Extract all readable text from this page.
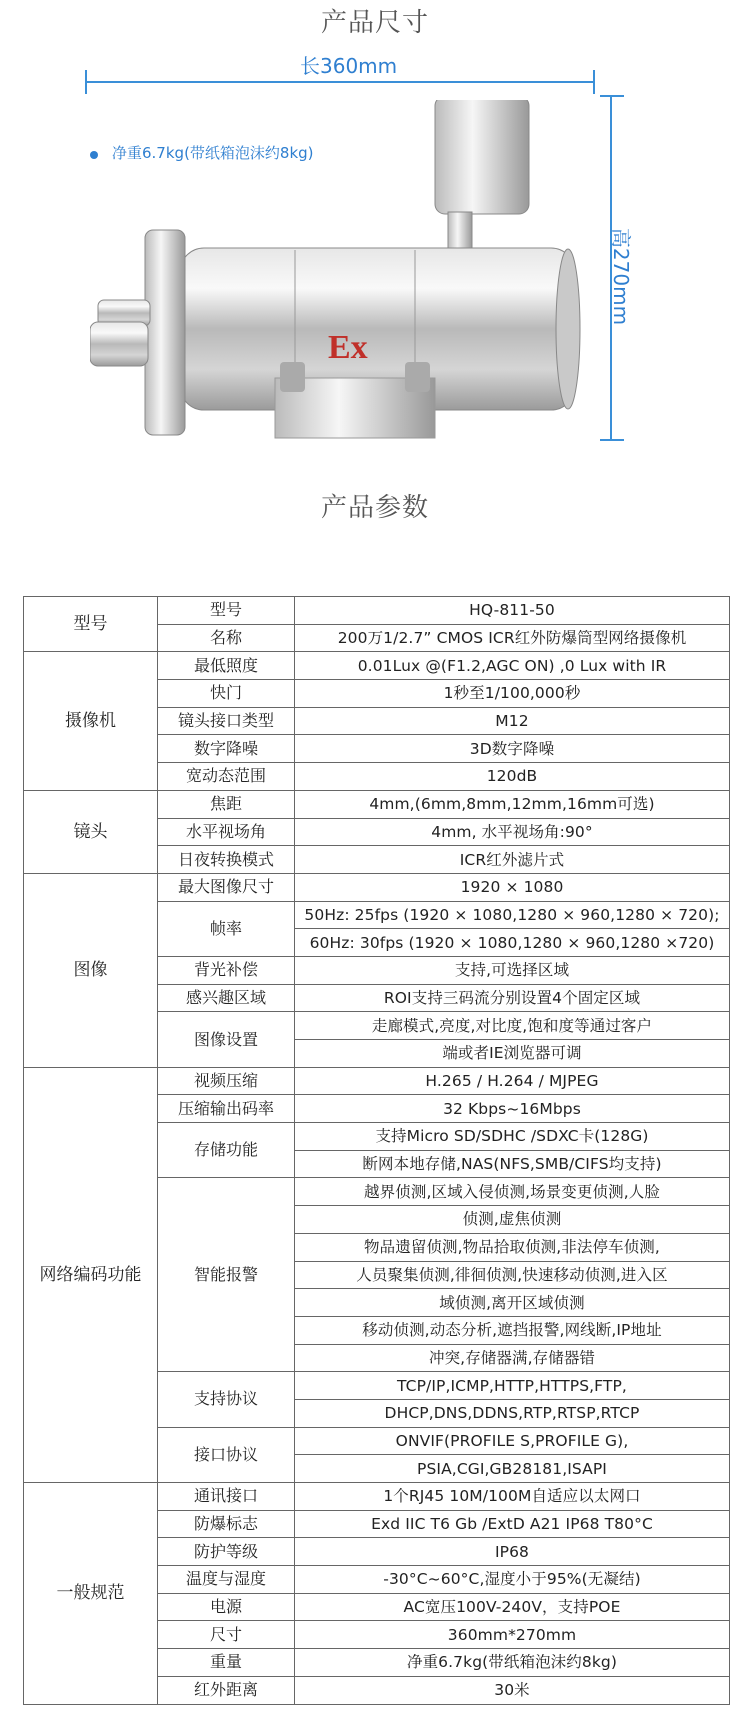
产品尺寸
长360mm
高270mm
净重6.7kg(带纸箱泡沫约8kg)
Ex
产品参数
型号	型号	HQ-811-50
	名称	200万1/2.7” CMOS ICR红外防爆筒型网络摄像机
摄像机	最低照度	0.01Lux @(F1.2,AGC ON) ,0 Lux with IR
	快门	1秒至1/100,000秒
	镜头接口类型	M12
	数字降噪	3D数字降噪
	宽动态范围	120dB
镜头	焦距	4mm,(6mm,8mm,12mm,16mm可选)
	水平视场角	4mm, 水平视场角:90°
	日夜转换模式	ICR红外滤片式
图像	最大图像尺寸	1920 × 1080
	帧率	50Hz: 25fps (1920 × 1080,1280 × 960,1280 × 720);
		60Hz: 30fps (1920 × 1080,1280 × 960,1280 ×720)
	背光补偿	支持,可选择区域
	感兴趣区域	ROI支持三码流分别设置4个固定区域
	图像设置	走廊模式,亮度,对比度,饱和度等通过客户
		端或者IE浏览器可调
网络编码功能	视频压缩	H.265 / H.264 / MJPEG
	压缩输出码率	32 Kbps~16Mbps
	存储功能	支持Micro SD/SDHC /SDXC卡(128G)
		断网本地存储,NAS(NFS,SMB/CIFS均支持)
	智能报警	越界侦测,区域入侵侦测,场景变更侦测,人脸
		侦测,虚焦侦测
		物品遗留侦测,物品拾取侦测,非法停车侦测,
		人员聚集侦测,徘徊侦测,快速移动侦测,进入区
		域侦测,离开区域侦测
		移动侦测,动态分析,遮挡报警,网线断,IP地址
		冲突,存储器满,存储器错
	支持协议	TCP/IP,ICMP,HTTP,HTTPS,FTP,
		DHCP,DNS,DDNS,RTP,RTSP,RTCP
	接口协议	ONVIF(PROFILE S,PROFILE G),
		PSIA,CGI,GB28181,ISAPI
一般规范	通讯接口	1个RJ45 10M/100M自适应以太网口
	防爆标志	Exd IIC T6 Gb /ExtD A21 IP68 T80°C
	防护等级	IP68
	温度与湿度	-30°C~60°C,湿度小于95%(无凝结)
	电源	AC宽压100V-240V，支持POE
	尺寸	360mm*270mm
	重量	净重6.7kg(带纸箱泡沫约8kg)
	红外距离	30米
